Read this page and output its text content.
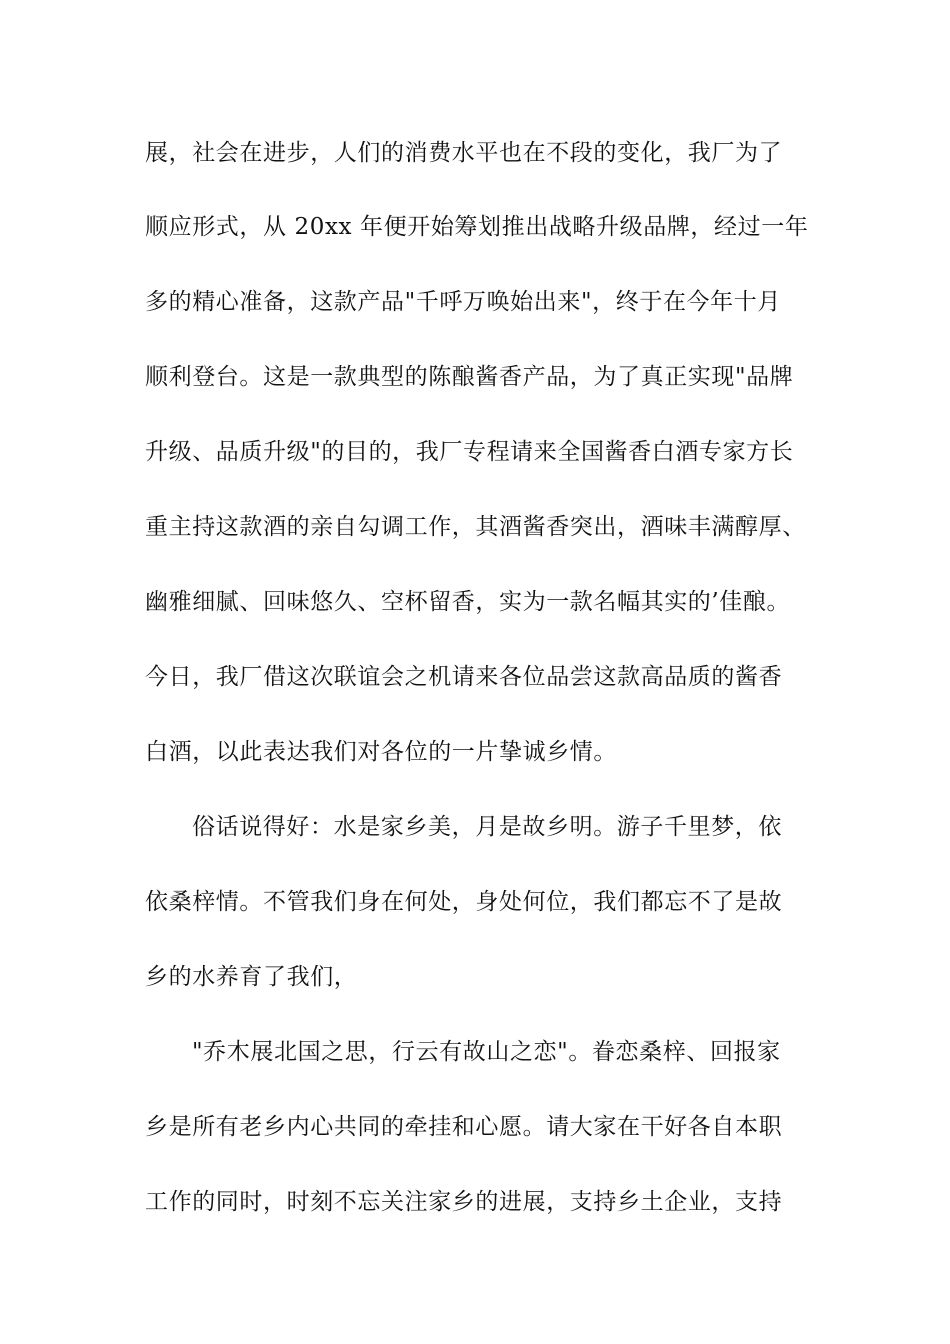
展，社会在进步，人们的消费水平也在不段的变化，我厂为了
顺应形式，从 20xx 年便开始筹划推出战略升级品牌，经过一年
多的精心准备，这款产品"千呼万唤始出来"，终于在今年十月
顺利登台。这是一款典型的陈酿酱香产品，为了真正实现"品牌
升级、品质升级"的目的，我厂专程请来全国酱香白酒专家方长
重主持这款酒的亲自勾调工作，其酒酱香突出，酒味丰满醇厚、
幽雅细腻、回味悠久、空杯留香，实为一款名幅其实的’佳酿。
今日，我厂借这次联谊会之机请来各位品尝这款高品质的酱香
白酒，以此表达我们对各位的一片挚诚乡情。
俗话说得好：水是家乡美，月是故乡明。游子千里梦，依
依桑梓情。不管我们身在何处，身处何位，我们都忘不了是故
乡的水养育了我们，
"乔木展北国之思，行云有故山之恋"。眷恋桑梓、回报家
乡是所有老乡内心共同的牵挂和心愿。请大家在干好各自本职
工作的同时，时刻不忘关注家乡的进展，支持乡土企业，支持
